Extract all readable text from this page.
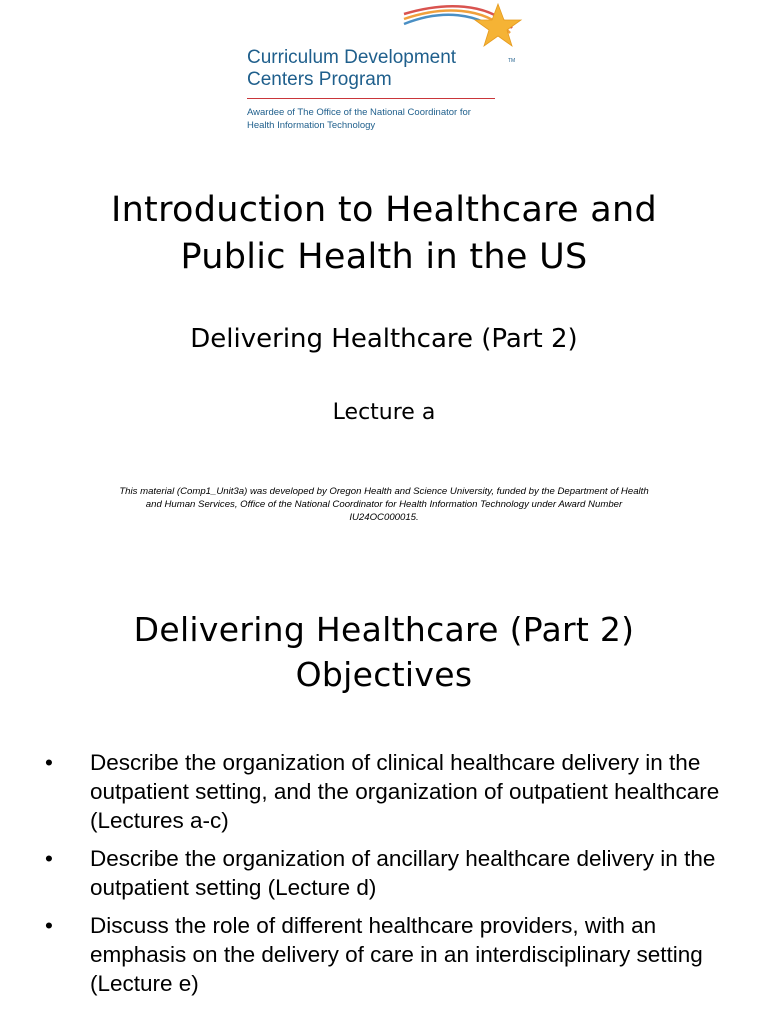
Curriculum Development
Centers Program
TM
Awardee of The Office of the National Coordinator for
Health Information Technology
Introduction to Healthcare and
Public Health in the US
Delivering Healthcare (Part 2)
Lecture a
This material (Comp1_Unit3a) was developed by Oregon Health and Science University, funded by the Department of Health
and Human Services, Office of the National Coordinator for Health Information Technology under Award Number
IU24OC000015.
Delivering Healthcare (Part 2)
Objectives
• Describe the organization of clinical healthcare delivery in the outpatient setting, and the organization of outpatient healthcare (Lectures a-c)
• Describe the organization of ancillary healthcare delivery in the outpatient setting (Lecture d)
• Discuss the role of different healthcare providers, with an emphasis on the delivery of care in an interdisciplinary setting (Lecture e)
